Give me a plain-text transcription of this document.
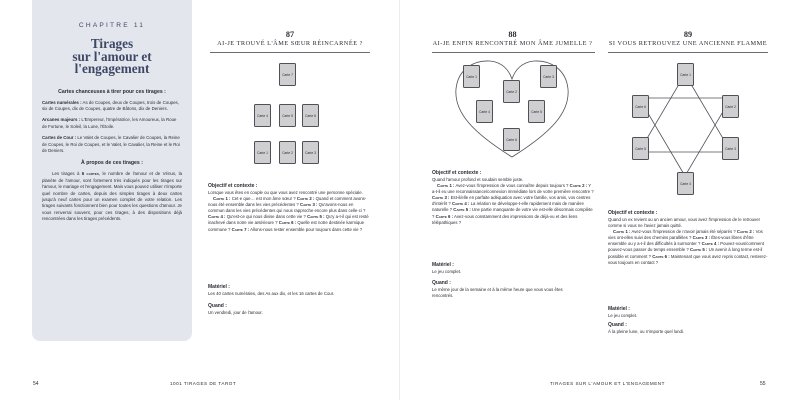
CHAPITRE 11
Tirages
sur l'amour et
l'engagement
Cartes chanceuses à tirer pour ces tirages :

Cartes numérales : As de Coupes, deux de Coupes, trois de Coupes, six de Coupes, dix de Coupes, quatre de Bâtons, dix de Deniers.

Arcanes majeurs : L'Empereur, l'Impératrice, les Amoureux, la Roue de Fortune, le Soleil, la Lune, l'Étoile.

Cartes de Cour : Le Valet de Coupes, le Cavalier de Coupes, la Reine de Coupes, le Roi de Coupes, et le Valet, le Cavalier, la Reine et le Roi de Deniers.

À propos de ces tirages :

Les tirages à 6 cartes, le nombre de l'amour et de Vénus, la planète de l'amour, sont fortement très indiqués pour les tirages sur l'amour, le mariage et l'engagement. Mais vous pouvez utiliser n'importe quel nombre de cartes, depuis des simples tirages à deux cartes jusqu'à neuf cartes pour un examen complet de votre relation. Les tirages suivants fonctionnent bien pour toutes les questions d'amour. Je vous renverrai souvent, pour ces tirages, à des dispositions déjà rencontrées dans les tirages précédents.

87
AI-JE TROUVÉ L'ÂME SŒUR RÉINCARNÉE ?
Carte 7
Carte 4	Carte 5	Carte 6
Carte 1	Carte 2	Carte 3
Objectif et contexte :

Lorsque vous êtes en couple ou que vous avez rencontré une personne spéciale.

Carte 1 : Cet·e que… est mon âme sœur ? Carte 2 : Quand et comment avons-nous été ensemble dans les vies précédentes ? Carte 3 : Qu'avons-nous en commun dans les vies précédentes qui nous rapproche encore plus dans celle-ci ? Carte 4 : Qu'est-ce qui nous divise dans cette vie ? Carte 5 : Qu'y a-t-il qui est resté inachevé dans notre vie antérieure ? Carte 6 : Quelle est notre destinée karmique commune ? Carte 7 : Allons-nous rester ensemble pour toujours dans cette vie ?

Matériel :
Les 40 cartes numérales, des As aux dix, et les 16 cartes de Cour.
Quand :
Un vendredi, jour de l'amour.
54	1001 TIRAGES DE TAROT
88
AI-JE ENFIN RENCONTRÉ MON ÂME JUMELLE ?
Carte 1
Carte 2
Carte 3
Carte 4	Carte 5
Carte 6
Objectif et contexte :

Quand l'amour profond et soudain semble juste.

Carte 1 : Avez-vous l'impression de vous connaître depuis toujours ? Carte 2 : Y a-t-il eu une reconnaissance/connexion immédiate lors de votre première rencontre ? Carte 3 : Est-il/elle en parfaite adéquation avec votre famille, vos amis, vos centres d'intérêt ? Carte 4 : La relation se développe-t-elle rapidement mais de manière naturelle ? Carte 5 : Une partie manquante de votre vie est-elle désormais complète ? Carte 6 : Avez-vous constamment des impressions de déjà-vu et des liens télépathiques ?

Matériel :
Le jeu complet.
Quand :
Le même jour de la semaine et à la même heure que vous vous êtes rencontrés.
89
SI VOUS RETROUVEZ UNE ANCIENNE FLAMME
Carte 1
Carte 6	Carte 2
Carte 5	Carte 3
Carte 4
Objectif et contexte :

Quand un ex revient ou un ancien amour, vous avez l'impression de le retrouver comme si vous ne l'aviez jamais quitté.

Carte 1 : Avez-vous l'impression de n'avoir jamais été séparés ? Carte 2 : Vos vies ont-elles suivi des chemins parallèles ? Carte 3 : Êtes-vous libres d'être ensemble ou y a-t-il des difficultés à surmonter ? Carte 4 : Pouvez-vous/comment pouvez-vous passer du temps ensemble ? Carte 5 : Un avenir à long terme est-il possible et comment ? Carte 6 : Maintenant que vous avez repris contact, resterez-vous toujours en contact ?

Matériel :
Le jeu complet.
Quand :
À la pleine lune, ou n'importe quel lundi.
TIRAGES SUR L'AMOUR ET L'ENGAGEMENT	55
